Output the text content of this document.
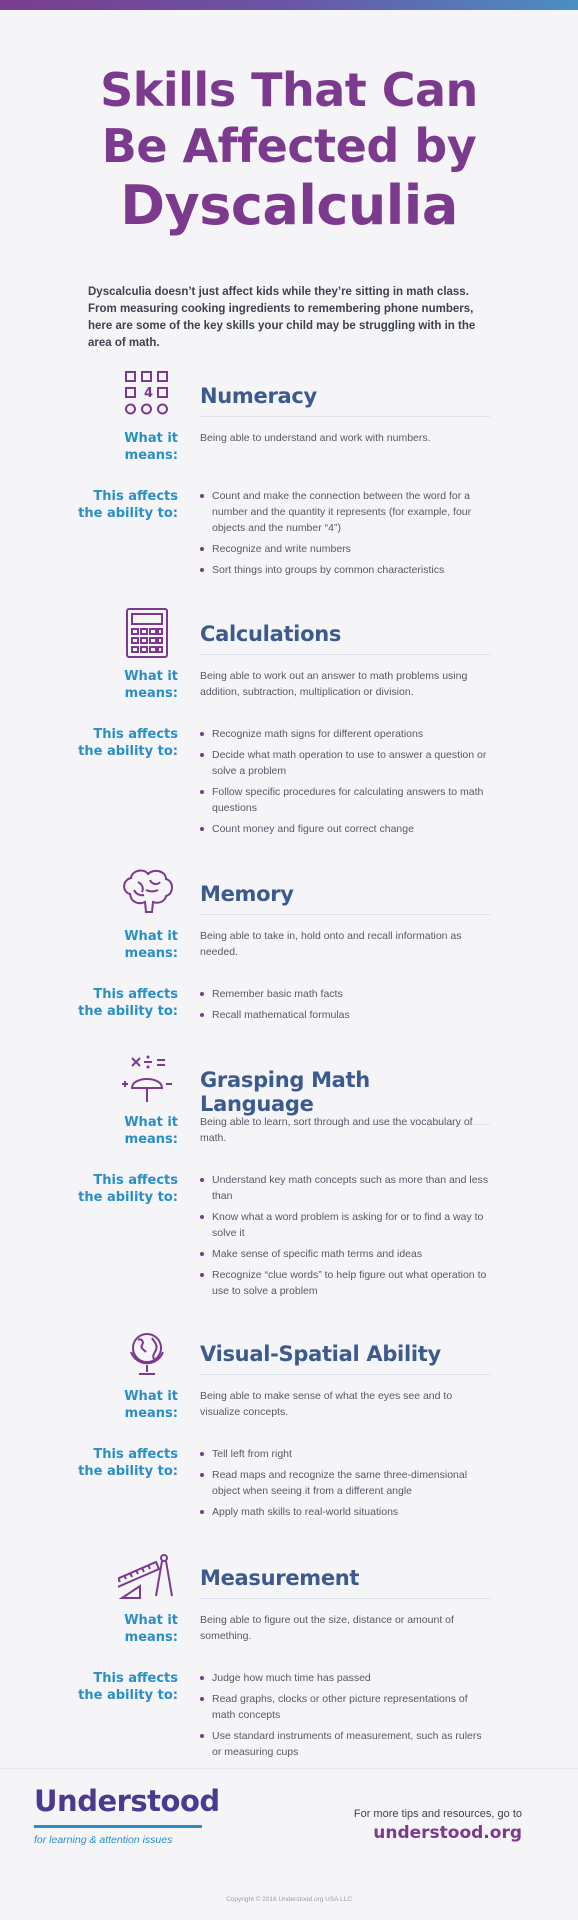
Skills That Can
Be Affected by
Dyscalculia

Dyscalculia doesn’t just affect kids while they’re sitting in math class. From measuring cooking ingredients to remembering phone numbers, here are some of the key skills your child may be struggling with in the area of math.

4 Numeracy
What it means:

Being able to understand and work with numbers.

This affects the ability to:
Count and make the connection between the word for a number and the quantity it represents (for example, four objects and the number “4”)
Recognize and write numbers
Sort things into groups by common characteristics
Calculations
What it means:

Being able to work out an answer to math problems using addition, subtraction, multiplication or division.

This affects the ability to:
Recognize math signs for different operations
Decide what math operation to use to answer a question or solve a problem
Follow specific procedures for calculating answers to math questions
Count money and figure out correct change
Memory
What it means:

Being able to take in, hold onto and recall information as needed.

This affects the ability to:
Remember basic math facts
Recall mathematical formulas
Grasping Math Language
What it means:

Being able to learn, sort through and use the vocabulary of math.

This affects the ability to:
Understand key math concepts such as more than and less than
Know what a word problem is asking for or to find a way to solve it
Make sense of specific math terms and ideas
Recognize “clue words” to help figure out what operation to use to solve a problem
Visual-Spatial Ability
What it means:

Being able to make sense of what the eyes see and to visualize concepts.

This affects the ability to:
Tell left from right
Read maps and recognize the same three-dimensional object when seeing it from a different angle
Apply math skills to real-world situations
Measurement
What it means:

Being able to figure out the size, distance or amount of something.

This affects the ability to:
Judge how much time has passed
Read graphs, clocks or other picture representations of math concepts
Use standard instruments of measurement, such as rulers or measuring cups
Understood
for learning & attention issues
For more tips and resources, go to
understood.org
Copyright © 2016 Understood.org USA LLC
